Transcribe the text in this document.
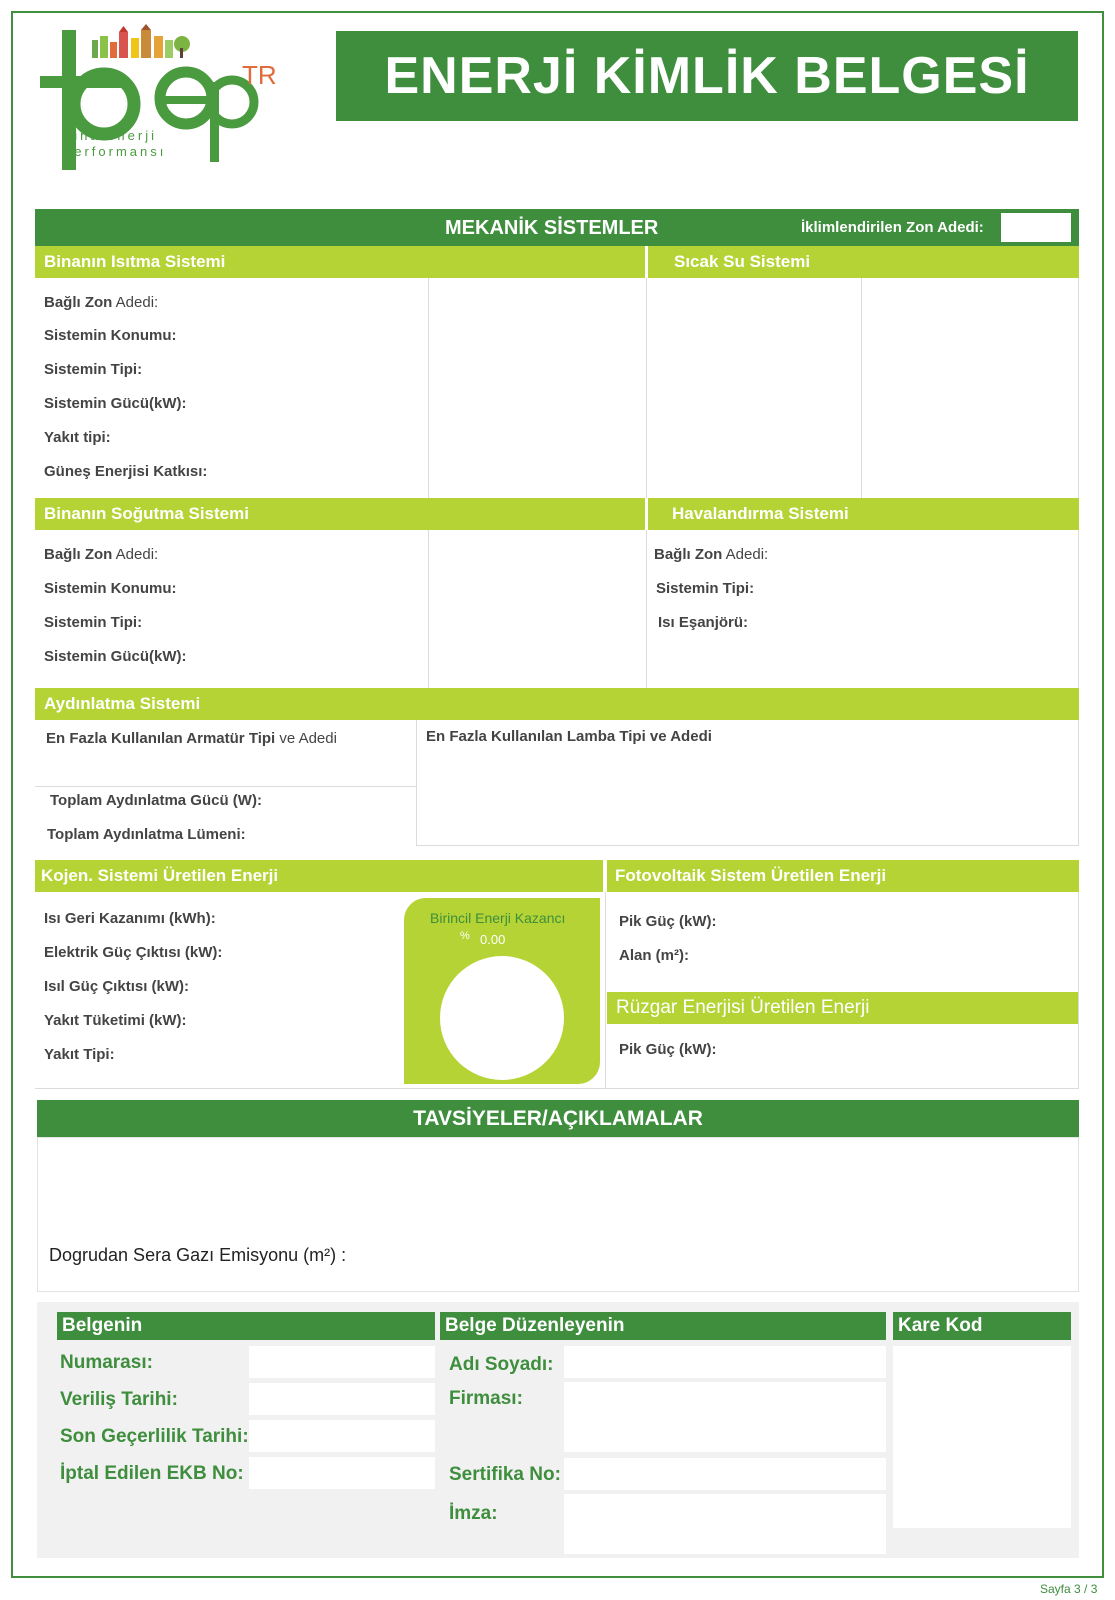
TR
bina enerji
performansı
ENERJİ KİMLİK BELGESİ
MEKANİK SİSTEMLER	İklimlendirilen Zon Adedi:
Binanın Isıtma Sistemi	Sıcak Su Sistemi
Bağlı Zon Adedi:
Sistemin Konumu:
Sistemin Tipi:
Sistemin Gücü(kW):
Yakıt tipi:
Güneş Enerjisi Katkısı:
Binanın Soğutma Sistemi	Havalandırma Sistemi
Bağlı Zon Adedi:
Sistemin Konumu:
Sistemin Tipi:
Sistemin Gücü(kW):
Bağlı Zon Adedi:
Sistemin Tipi:
Isı Eşanjörü:
Aydınlatma Sistemi
En Fazla Kullanılan Armatür Tipi ve Adedi	En Fazla Kullanılan Lamba Tipi ve Adedi
Toplam Aydınlatma Gücü (W):
Toplam Aydınlatma Lümeni:
Kojen. Sistemi Üretilen Enerji	Fotovoltaik Sistem Üretilen Enerji
Isı Geri Kazanımı (kWh):
Elektrik Güç Çıktısı (kW):
Isıl Güç Çıktısı (kW):
Yakıt Tüketimi (kW):
Yakıt Tipi:
Birincil Enerji Kazancı
% 0.00
Pik Güç (kW):
Alan (m²):
Rüzgar Enerjisi Üretilen Enerji
Pik Güç (kW):
TAVSİYELER/AÇIKLAMALAR
Dogrudan Sera Gazı Emisyonu (m²) :
Belgenin	Belge Düzenleyenin	Kare Kod
Numarası:
Veriliş Tarihi:
Son Geçerlilik Tarihi:
İptal Edilen EKB No:
Adı Soyadı:
Firması:
Sertifika No:
İmza:
Sayfa 3 / 3
